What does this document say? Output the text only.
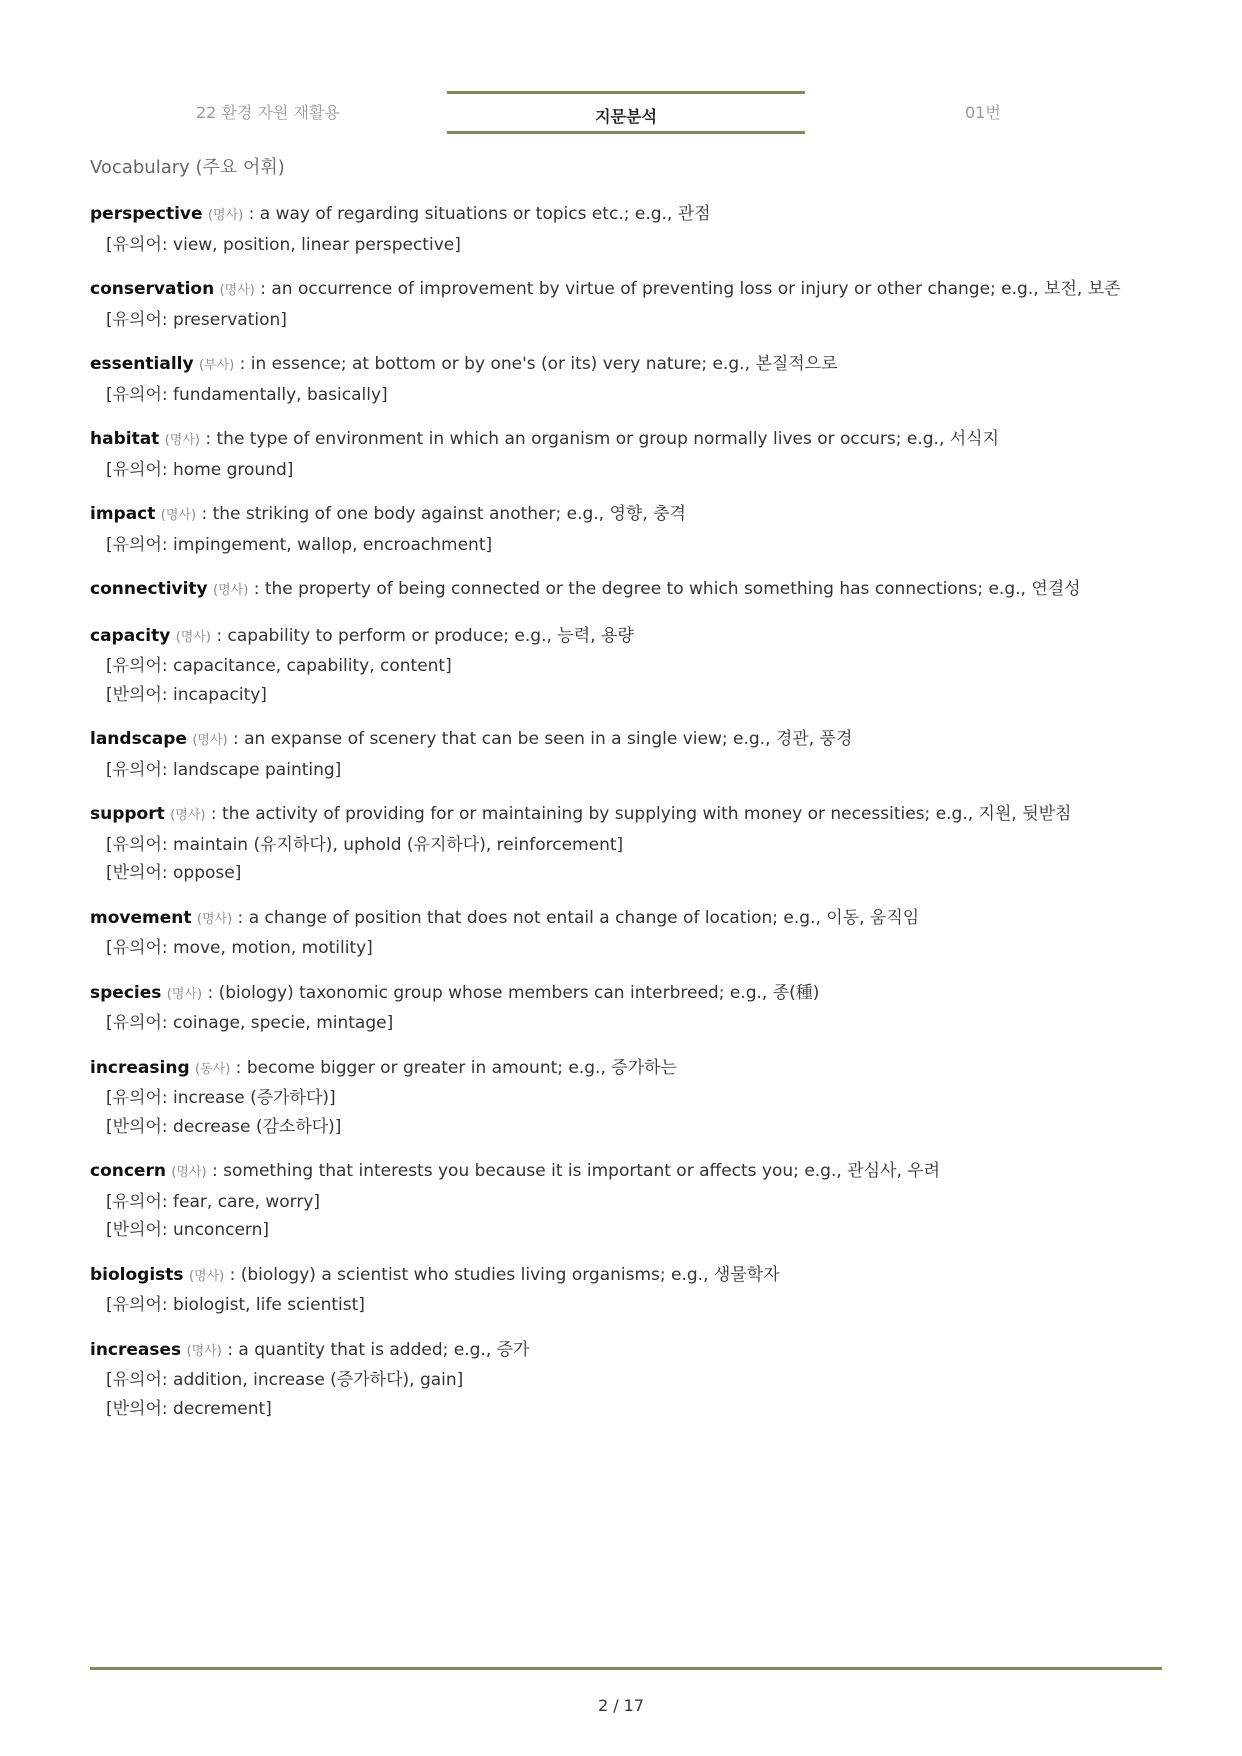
22 환경 자원 재활용	지문분석	01번
Vocabulary (주요 어휘)
perspective (명사) : a way of regarding situations or topics etc.; e.g., 관점
[유의어: view, position, linear perspective]
conservation (명사) : an occurrence of improvement by virtue of preventing loss or injury or other change; e.g., 보전, 보존
[유의어: preservation]
essentially (부사) : in essence; at bottom or by one's (or its) very nature; e.g., 본질적으로
[유의어: fundamentally, basically]
habitat (명사) : the type of environment in which an organism or group normally lives or occurs; e.g., 서식지
[유의어: home ground]
impact (명사) : the striking of one body against another; e.g., 영향, 충격
[유의어: impingement, wallop, encroachment]
connectivity (명사) : the property of being connected or the degree to which something has connections; e.g., 연결성
capacity (명사) : capability to perform or produce; e.g., 능력, 용량
[유의어: capacitance, capability, content]
[반의어: incapacity]
landscape (명사) : an expanse of scenery that can be seen in a single view; e.g., 경관, 풍경
[유의어: landscape painting]
support (명사) : the activity of providing for or maintaining by supplying with money or necessities; e.g., 지원, 뒷받침
[유의어: maintain (유지하다), uphold (유지하다), reinforcement]
[반의어: oppose]
movement (명사) : a change of position that does not entail a change of location; e.g., 이동, 움직임
[유의어: move, motion, motility]
species (명사) : (biology) taxonomic group whose members can interbreed; e.g., 종(種)
[유의어: coinage, specie, mintage]
increasing (동사) : become bigger or greater in amount; e.g., 증가하는
[유의어: increase (증가하다)]
[반의어: decrease (감소하다)]
concern (명사) : something that interests you because it is important or affects you; e.g., 관심사, 우려
[유의어: fear, care, worry]
[반의어: unconcern]
biologists (명사) : (biology) a scientist who studies living organisms; e.g., 생물학자
[유의어: biologist, life scientist]
increases (명사) : a quantity that is added; e.g., 증가
[유의어: addition, increase (증가하다), gain]
[반의어: decrement]
2 / 17
